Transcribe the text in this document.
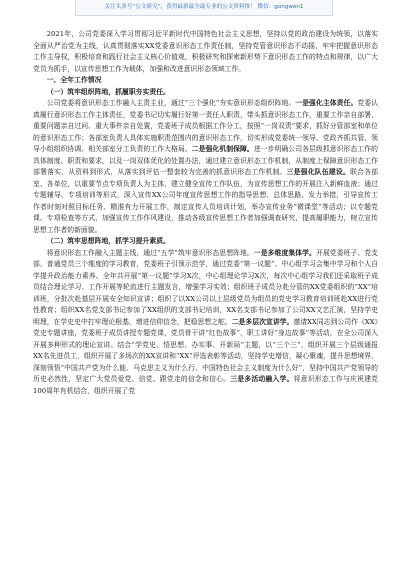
关注头条号“公文研究”，获得最新最全最专业的公文资料推！ 微信：gongwen1

2021年，公司党委深入学习贯彻习近平新时代中国特色社会主义思想，坚持以党的政治建设为统领，以落实全面从严治党为主线，认真贯彻落实XX党委意识形态工作责任制，坚持党管意识形态不动摇，牢牢把握意识形态工作主导权，积极培育和践行社会主义核心价值观，积极研究和探索新形势下意识形态工作的特点和规律，以广大党员为抓手，以宣传思想工作为载体，加强和改进意识形态领域工作。

一、全年工作情况

（一）筑牢组织阵地，抓履职夯实责任。

公司党委将意识形态工作融入主责主业，通过“三个强化”夯实意识形态组织阵地。一是强化主体责任。党委认真履行意识形态工作主体责任，党委书记切实履行好第一责任人职责，带头抓意识形态工作，重要工作亲自部署、重要问题亲自过问、重大事件亲自处置，党委班子成员根据工作分工，按照“一岗双责”要求，抓好分管部室和单位的意识形态工作；各部室负责人具体实施职责范围内的意识形态工作，切实形成党委统一领导、党政齐抓共管、领导小组组织协调、相关部室分工负责的工作大格局。二是强化机制保障。进一步明确公司各层级抓意识形态工作的具体制度、职责和要求，以及一岗双体优化的处置办法，通过建立意识形态工作机制，从制度上保障意识形态工作部署落实，从资料到形式，从落实到评估一整套较为完善的抓意识形态工作机制。三是强化队伍建设。联合各部室、各单位，以重要节点专项负责人为主体，建立健全宣传工作队伍，为宣传思想工作的开展注入新鲜血液；通过专题辅导、专项培训等形式，深入宣传XX公司年度宣传思想工作的指导思想、总体思路、发力举措，引导宣传工作者时刻对照目标任务、精准有力开展工作，制定宣传人员培训计划，举办宣传业务“微课堂”等活动；以专题党课、专项检查等方式，加强宣传工作作风建设，推动各级宣传思想工作者加强调查研究，提高履职能力，树立宣传思想工作者的新面貌。

（二）筑牢思想阵地，抓学习提升素质。

将意识形态工作融入主题主线，通过“五学”筑牢意识形态思想阵地。一是多维度集体学。开展党委班子、党支部、普通党员三个维度的学习教育，党委班子引领示范学，通过党委“第一议题”、中心组学习会集中学习和个人自学提升政治能力素养。全年共开展“第一议题”学习X次，中心组理论学习X次，每次中心组学习我们还采取班子成员结合理论学习、工作开展等轮流进行主题发言，增强学习实效；组织班子成员分赴分管的XX党委组织的“XX”培训班，分批次赴基层开展安全知识宣讲；组织了以XX公司以上层级党员为组员的党史学习教育培训班赴XX进行党性教育；组织XX名党支部书记参加了XX组织的支部书记培训，XX名支部书记参加了公司XX文艺汇演，坚持学史明理，在学史史中打牢理论根基，增进信仰信念，把稳思想之舵。二是多层次宣讲学。邀请XX同志到公司作《XX》党史专题讲座，党委班子成员讲授专题党课，党员骨干讲“红色故事”，职工讲好“身边故事”等活动，在全公司深入开展多种形式的理论宣讲。结合“学党史、悟思想、办实事、开新局”主题，以“三个三”，组织开展三个层级通报XX名先进员工，组织开展了多场次的XX宣讲和“XX”评选表彰等活动，坚持学史增信，凝心聚魂，提升思想境界，深刻领悟“中国共产党为什么能、马克思主义为什么行、中国特色社会主义制度为什么好”，坚持中国共产党领导的历史必然性，坚定广大党员爱党、信党、跟党走的信念和信心。三是多活动融入学。将意识形态工作与庆祝建党100周年有机结合，组织开展了党
